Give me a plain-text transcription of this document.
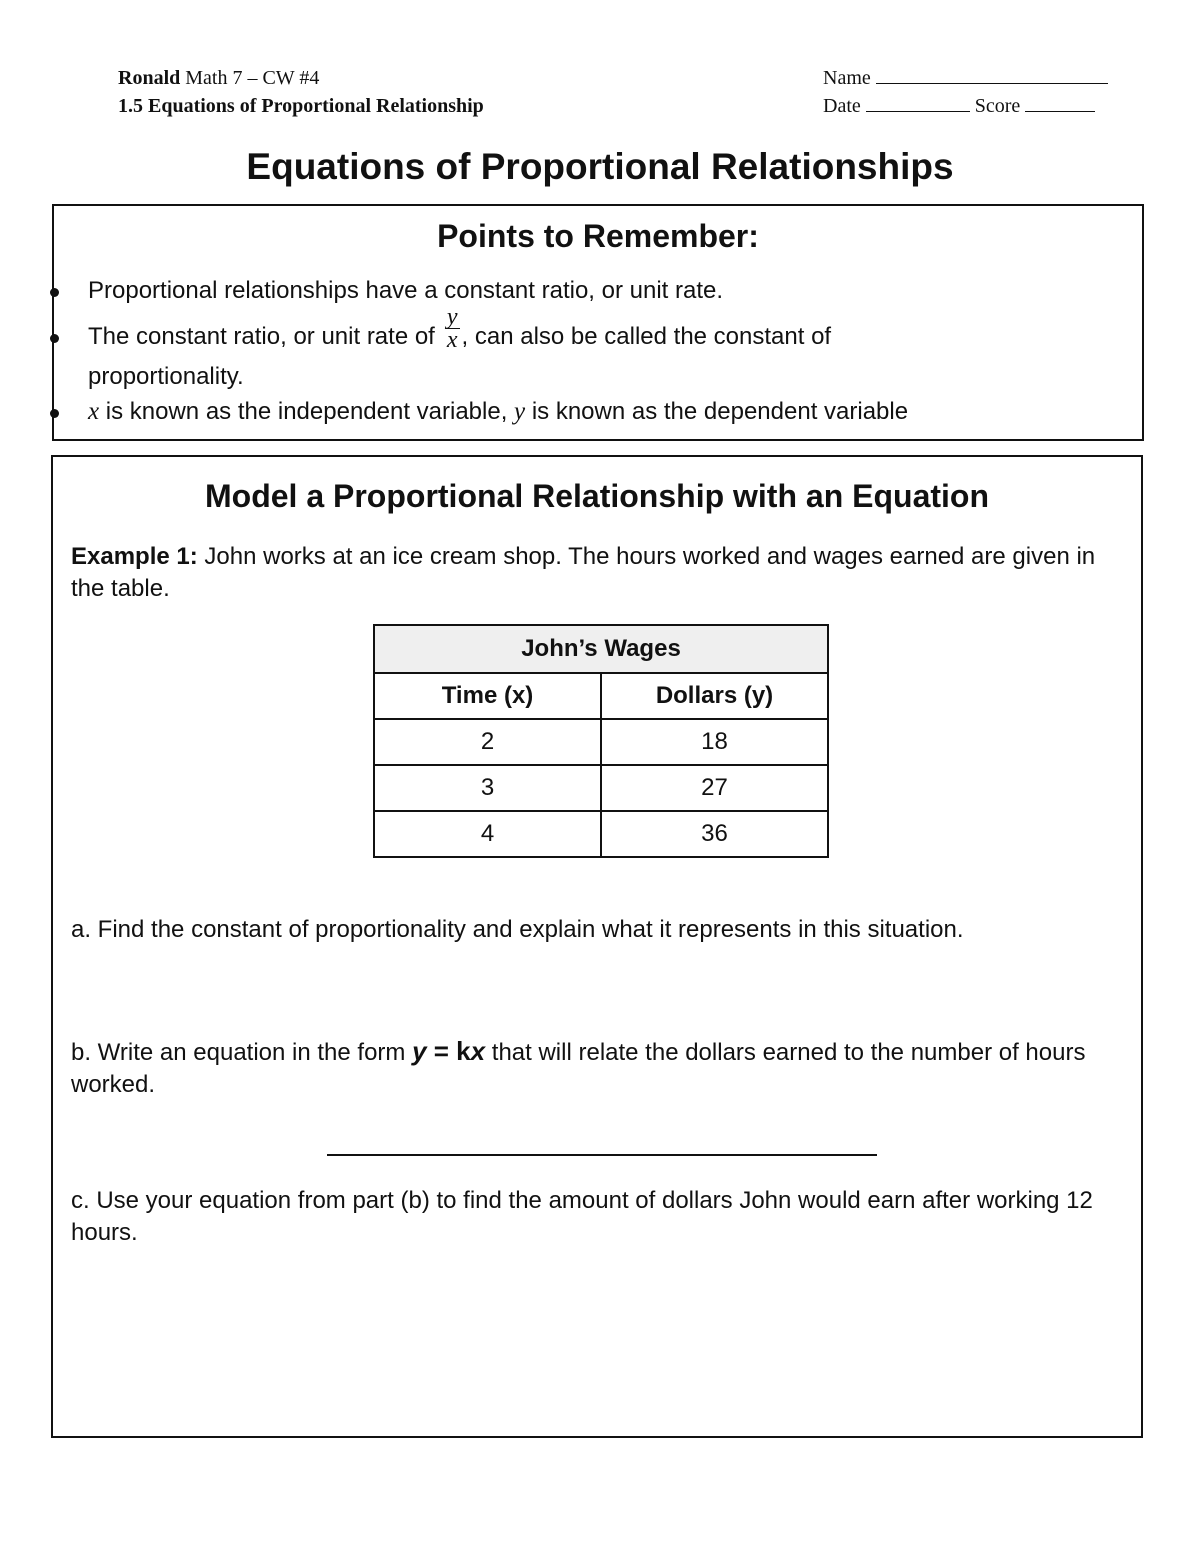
Ronald Math 7 – CW #4
1.5 Equations of Proportional Relationship
Name
Date	Score
Equations of Proportional Relationships
Points to Remember:
Proportional relationships have a constant ratio, or unit rate.
The constant ratio, or unit rate of $\frac{y}{x}$ , can also be called the constant of
proportionality.
x is known as the independent variable, y is known as the dependent variable
Model a Proportional Relationship with an Equation
Example 1: John works at an ice cream shop. The hours worked and wages earned are given in the table.
John’s Wages	
Time (x)	Dollars (y)
2	18
3	27
4	36
a. Find the constant of proportionality and explain what it represents in this situation.
b. Write an equation in the form y = kx that will relate the dollars earned to the number of hours worked.
c. Use your equation from part (b) to find the amount of dollars John would earn after working 12 hours.
